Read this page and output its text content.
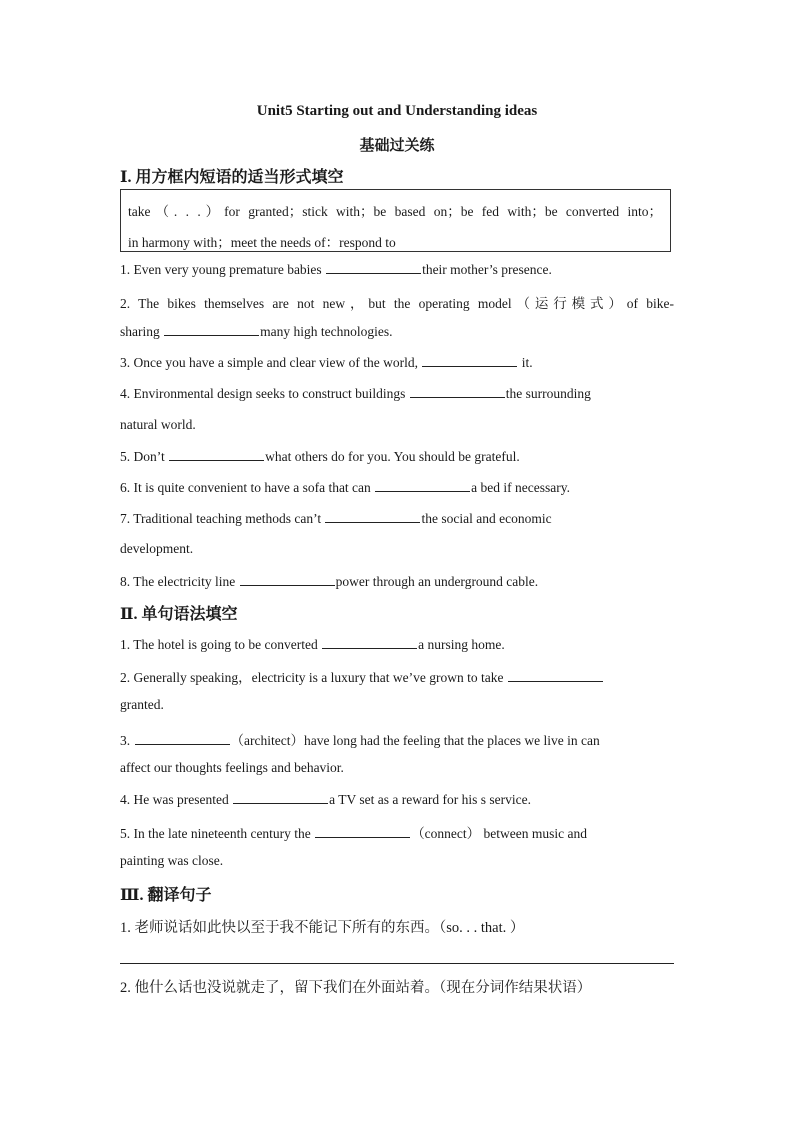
Unit5 Starting out and Understanding ideas
基础过关练
Ⅰ. 用方框内短语的适当形式填空
take（. . .）for granted；stick with；be based on；be fed with；be converted into；
in harmony with；meet the needs of：respond to
1. Even very young premature babies	their mother’s presence.
2. The bikes themselves are not new，but the operating model（运行模式）of bike-
sharing	many high technologies.
3. Once you have a simple and clear view of the world,	it.
4. Environmental design seeks to construct buildings	the surrounding
natural world.
5. Don’t	what others do for you. You should be grateful.
6. It is quite convenient to have a sofa that can	a bed if necessary.
7. Traditional teaching methods can’t	the social and economic
development.
8. The electricity line	power through an underground cable.
Ⅱ. 单句语法填空
1. The hotel is going to be converted	a nursing home.
2. Generally speaking，electricity is a luxury that we’ve grown to take
granted.
3.	（architect）have long had the feeling that the places we live in can
affect our thoughts feelings and behavior.
4. He was presented	a TV set as a reward for his s service.
5. In the late nineteenth century the	（connect） between music and
painting was close.
Ⅲ. 翻译句子
1. 老师说话如此快以至于我不能记下所有的东西。（so. . . that. ）
2. 他什么话也没说就走了，留下我们在外面站着。（现在分词作结果状语）
